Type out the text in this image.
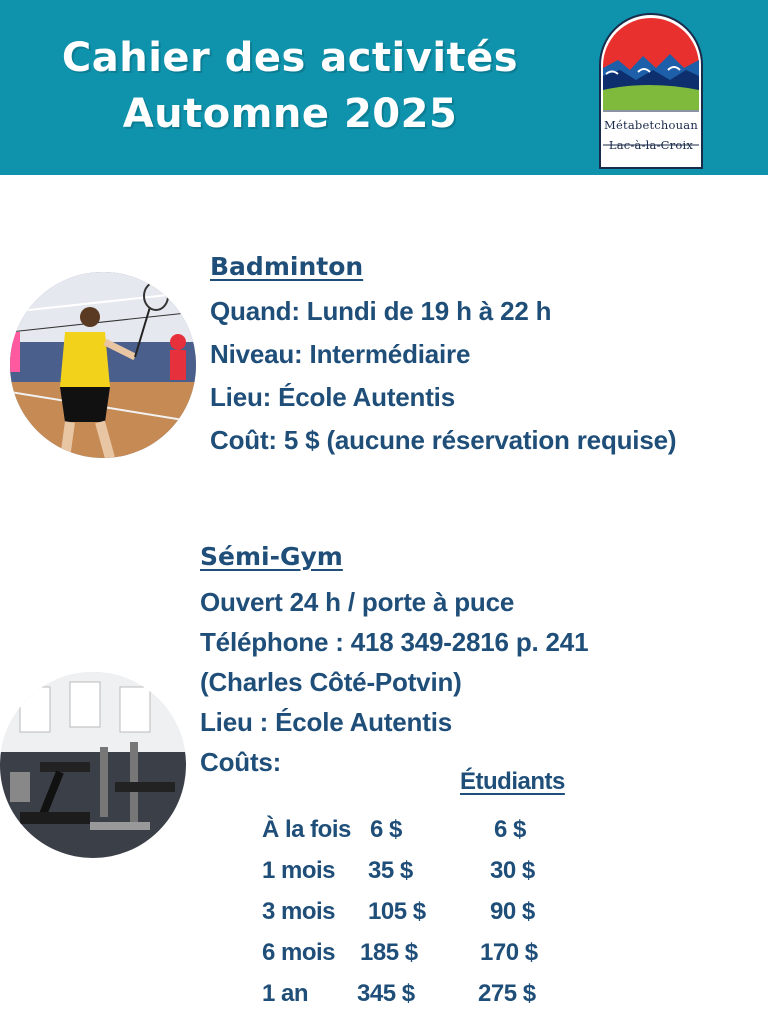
Cahier des activités
Automne 2025	Métabetchouan
Lac-à-la-Croix
Badminton
Quand: Lundi de 19 h à 22 h
Niveau: Intermédiaire
Lieu: École Autentis
Coût: 5 $ (aucune réservation requise)
Sémi-Gym
Ouvert 24 h / porte à puce
Téléphone : 418 349-2816 p. 241
(Charles Côté-Potvin)
Lieu : École Autentis
Coûts:
Étudiants
À la fois 6 $	6 $
1 mois 35 $	30 $
3 mois 105 $	90 $
6 mois 185 $	170 $
1 an 345 $	275 $
